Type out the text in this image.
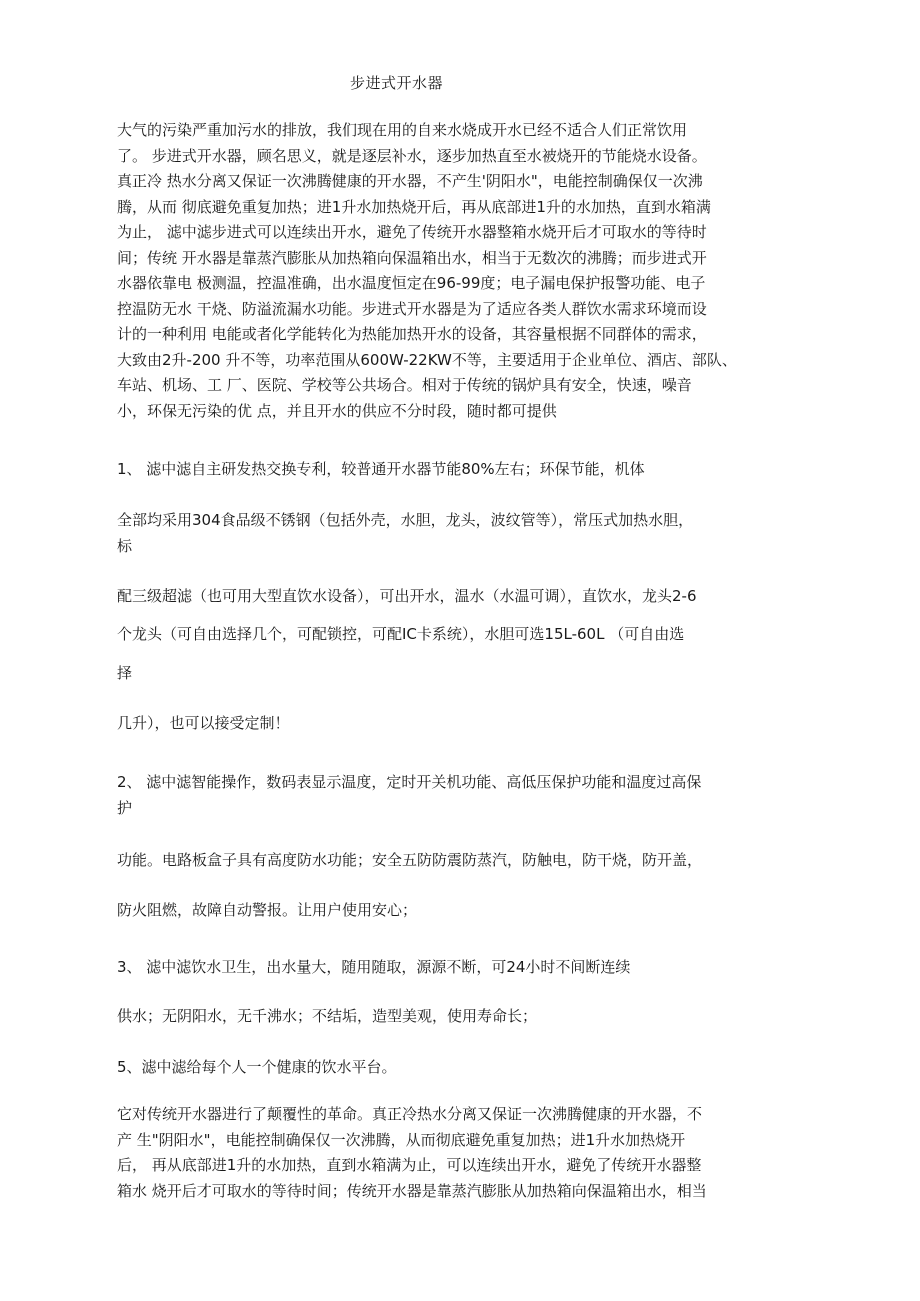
步进式开水器
大气的污染严重加污水的排放，我们现在用的自来水烧成开水已经不适合人们正常饮用
了。 步进式开水器，顾名思义，就是逐层补水，逐步加热直至水被烧开的节能烧水设备。
真正冷 热水分离又保证一次沸腾健康的开水器，不产生'阴阳水"，电能控制确保仅一次沸
腾，从而 彻底避免重复加热；进1升水加热烧开后，再从底部进1升的水加热，直到水箱满
为止， 滤中滤步进式可以连续出开水，避免了传统开水器整箱水烧开后才可取水的等待时
间；传统 开水器是靠蒸汽膨胀从加热箱向保温箱出水，相当于无数次的沸腾；而步进式开
水器依靠电 极测温，控温准确，出水温度恒定在96-99度；电子漏电保护报警功能、电子
控温防无水 干烧、防溢流漏水功能。步进式开水器是为了适应各类人群饮水需求环境而设
计的一种利用 电能或者化学能转化为热能加热开水的设备，其容量根据不同群体的需求，
大致由2升-200 升不等，功率范围从600W-22KW不等，主要适用于企业单位、酒店、部队、
车站、机场、工 厂、医院、学校等公共场合。相对于传统的锅炉具有安全，快速，噪音
小，环保无污染的优 点，并且开水的供应不分时段，随时都可提供
1、 滤中滤自主研发热交换专利，较普通开水器节能80%左右；环保节能，机体
全部均采用304食品级不锈钢（包括外壳，水胆，龙头，波纹管等），常压式加热水胆，
标
配三级超滤（也可用大型直饮水设备），可出开水，温水（水温可调），直饮水，龙头2-6
个龙头（可自由选择几个，可配锁控，可配IC卡系统），水胆可选15L-60L （可自由选
择
几升），也可以接受定制！
2、 滤中滤智能操作，数码表显示温度，定时开关机功能、高低压保护功能和温度过高保
护
功能。电路板盒子具有高度防水功能；安全五防防震防蒸汽，防触电，防干烧，防开盖，
防火阻燃，故障自动警报。让用户使用安心；
3、 滤中滤饮水卫生，出水量大，随用随取，源源不断，可24小时不间断连续
供水；无阴阳水，无千沸水；不结垢，造型美观，使用寿命长；
5、滤中滤给每个人一个健康的饮水平台。
它对传统开水器进行了颠覆性的革命。真正冷热水分离又保证一次沸腾健康的开水器，不
产 生"阴阳水"，电能控制确保仅一次沸腾，从而彻底避免重复加热；进1升水加热烧开
后， 再从底部进1升的水加热，直到水箱满为止，可以连续出开水，避免了传统开水器整
箱水 烧开后才可取水的等待时间；传统开水器是靠蒸汽膨胀从加热箱向保温箱出水，相当
